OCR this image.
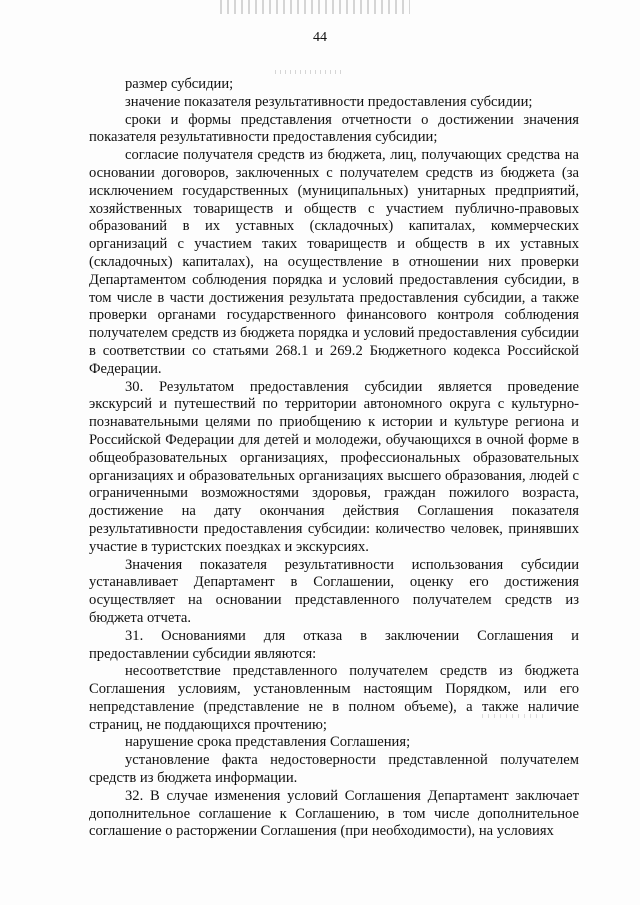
44

размер субсидии;

значение показателя результативности предоставления субсидии;

сроки и формы представления отчетности о достижении значения показателя результативности предоставления субсидии;

согласие получателя средств из бюджета, лиц, получающих средства на основании договоров, заключенных с получателем средств из бюджета (за исключением государственных (муниципальных) унитарных предприятий, хозяйственных товариществ и обществ с участием публично-правовых образований в их уставных (складочных) капиталах, коммерческих организаций с участием таких товариществ и обществ в их уставных (складочных) капиталах), на осуществление в отношении них проверки Департаментом соблюдения порядка и условий предоставления субсидии, в том числе в части достижения результата предоставления субсидии, а также проверки органами государственного финансового контроля соблюдения получателем средств из бюджета порядка и условий предоставления субсидии в соответствии со статьями 268.1 и 269.2 Бюджетного кодекса Российской Федерации.

30. Результатом предоставления субсидии является проведение экскурсий и путешествий по территории автономного округа с культурно-познавательными целями по приобщению к истории и культуре региона и Российской Федерации для детей и молодежи, обучающихся в очной форме в общеобразовательных организациях, профессиональных образовательных организациях и образовательных организациях высшего образования, людей с ограниченными возможностями здоровья, граждан пожилого возраста, достижение на дату окончания действия Соглашения показателя результативности предоставления субсидии: количество человек, принявших участие в туристских поездках и экскурсиях.

Значения показателя результативности использования субсидии устанавливает Департамент в Соглашении, оценку его достижения осуществляет на основании представленного получателем средств из бюджета отчета.

31. Основаниями для отказа в заключении Соглашения и предоставлении субсидии являются:

несоответствие представленного получателем средств из бюджета Соглашения условиям, установленным настоящим Порядком, или его непредставление (представление не в полном объеме), а также наличие страниц, не поддающихся прочтению;

нарушение срока представления Соглашения;

установление факта недостоверности представленной получателем средств из бюджета информации.

32. В случае изменения условий Соглашения Департамент заключает дополнительное соглашение к Соглашению, в том числе дополнительное соглашение о расторжении Соглашения (при необходимости), на условиях
